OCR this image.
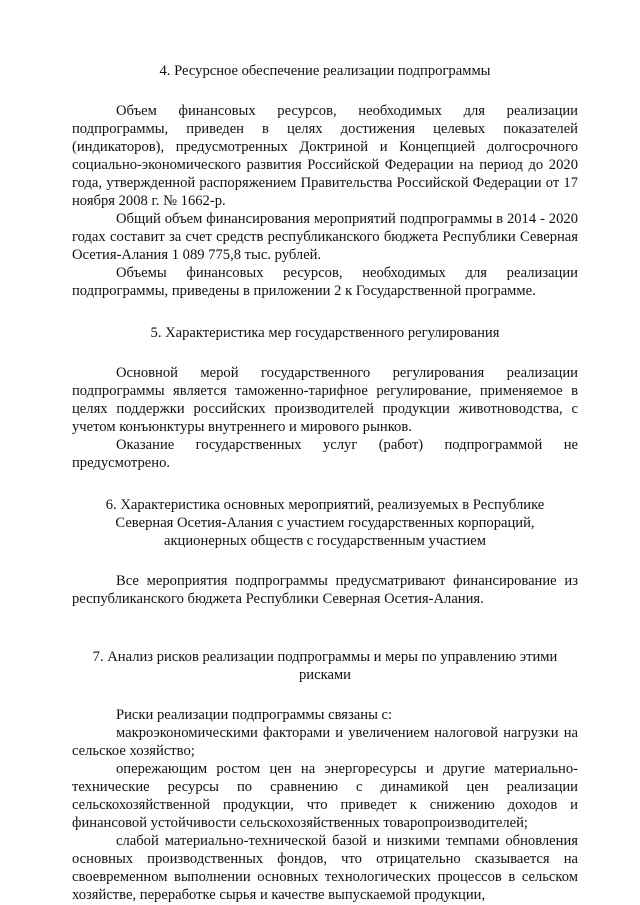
4. Ресурсное обеспечение реализации подпрограммы

Объем финансовых ресурсов, необходимых для реализации подпрограммы, приведен в целях достижения целевых показателей (индикаторов), предусмотренных Доктриной и Концепцией долгосрочного социально-экономического развития Российской Федерации на период до 2020 года, утвержденной распоряжением Правительства Российской Федерации от 17 ноября 2008 г. № 1662-р.

Общий объем финансирования мероприятий подпрограммы в 2014 - 2020 годах составит за счет средств республиканского бюджета Республики Северная Осетия-Алания 1 089 775,8 тыс. рублей.

Объемы финансовых ресурсов, необходимых для реализации подпрограммы, приведены в приложении 2 к Государственной программе.

5. Характеристика мер государственного регулирования

Основной мерой государственного регулирования реализации подпрограммы является таможенно-тарифное регулирование, применяемое в целях поддержки российских производителей продукции животноводства, с учетом конъюнктуры внутреннего и мирового рынков.

Оказание государственных услуг (работ) подпрограммой не предусмотрено.

6. Характеристика основных мероприятий, реализуемых в Республике Северная Осетия-Алания с участием государственных корпораций, акционерных обществ с государственным участием

Все мероприятия подпрограммы предусматривают финансирование из республиканского бюджета Республики Северная Осетия-Алания.

7. Анализ рисков реализации подпрограммы и меры по управлению этими рисками

Риски реализации подпрограммы связаны с:

макроэкономическими факторами и увеличением налоговой нагрузки на сельское хозяйство;

опережающим ростом цен на энергоресурсы и другие материально-технические ресурсы по сравнению с динамикой цен реализации сельскохозяйственной продукции, что приведет к снижению доходов и финансовой устойчивости сельскохозяйственных товаропроизводителей;

слабой материально-технической базой и низкими темпами обновления основных производственных фондов, что отрицательно сказывается на своевременном выполнении основных технологических процессов в сельском хозяйстве, переработке сырья и качестве выпускаемой продукции,
